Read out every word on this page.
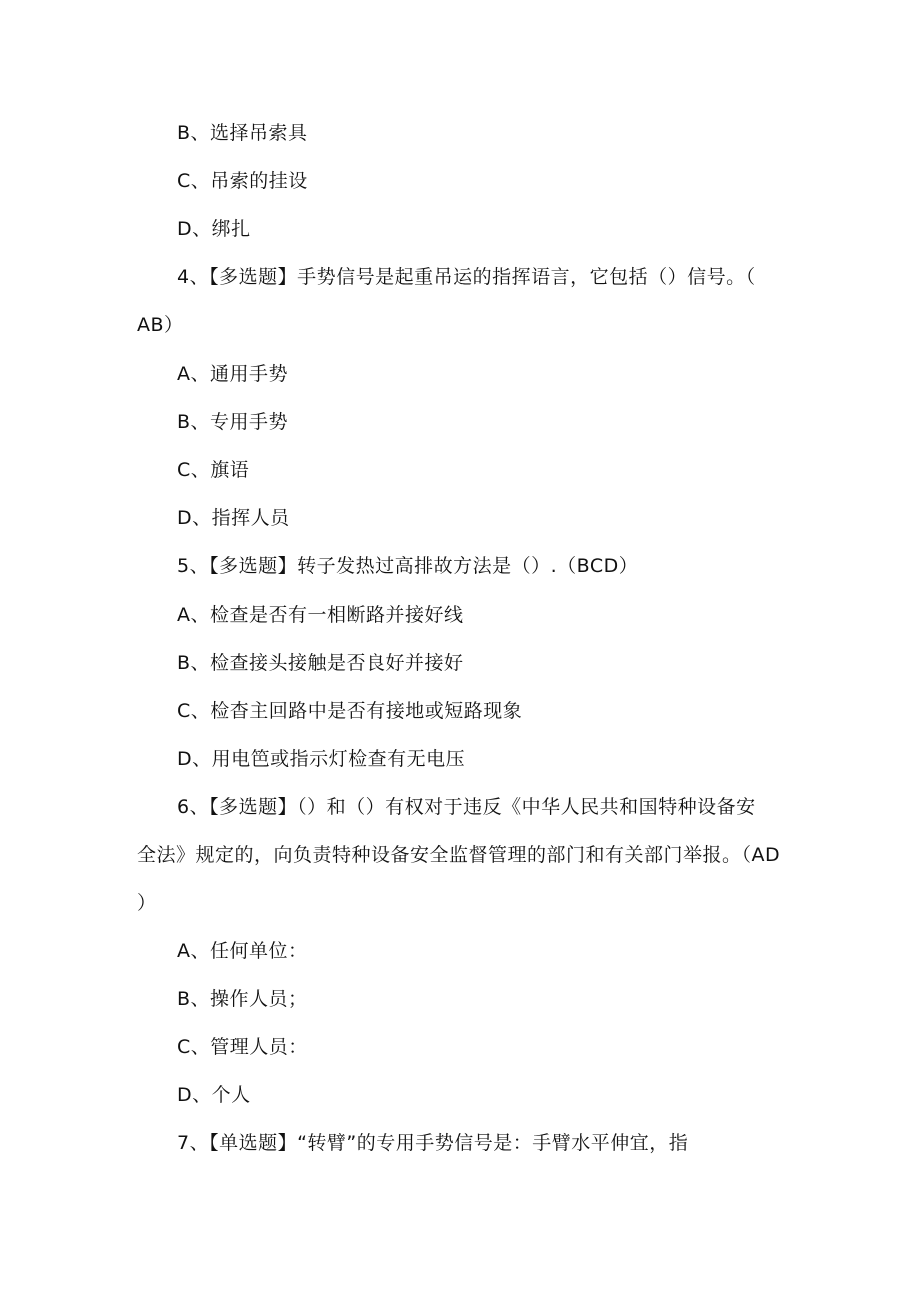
B、选择吊索具
C、吊索的挂设
D、绑扎
4、【多选题】手势信号是起重吊运的指挥语言，它包括（）信号。（
AB）
A、通用手势
B、专用手势
C、旗语
D、指挥人员
5、【多选题】转子发热过高排故方法是（）.（BCD）
A、检查是否有一相断路并接好线
B、检查接头接触是否良好并接好
C、检杳主回路中是否有接地或短路现象
D、用电笆或指示灯检查有无电压
6、【多选题】（）和（）有权对于违反《中华人民共和国特种设备安
全法》规定的，向负责特种设备安全监督管理的部门和有关部门举报。（AD
）
A、任何单位：
B、操作人员；
C、管理人员：
D、个人
7、【单选题】“转臂”的专用手势信号是：手臂水平伸宜，指
